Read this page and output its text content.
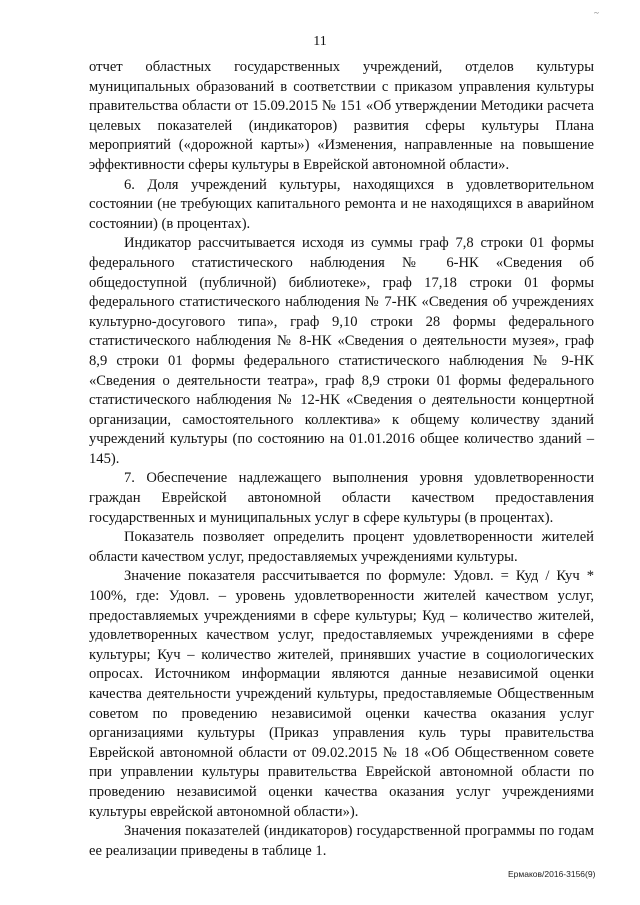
~
11

отчет областных государственных учреждений, отделов культуры муниципальных образований в соответствии с приказом управления культуры правительства области от 15.09.2015 № 151 «Об утверждении Методики расчета целевых показателей (индикаторов) развития сферы культуры Плана мероприятий («дорожной карты») «Изменения, направленные на повышение эффективности сферы культуры в Еврейской автономной области».

6. Доля учреждений культуры, находящихся в удовлетворительном состоянии (не требующих капитального ремонта и не находящихся в аварийном состоянии) (в процентах).

Индикатор рассчитывается исходя из суммы граф 7,8 строки 01 формы федерального статистического наблюдения № 6-НК «Сведения об общедоступной (публичной) библиотеке», граф 17,18 строки 01 формы федерального статистического наблюдения № 7-НК «Сведения об учреждениях культурно-досугового типа», граф 9,10 строки 28 формы федерального статистического наблюдения № 8-НК «Сведения о деятельности музея», граф 8,9 строки 01 формы федерального статистического наблюдения № 9-НК «Сведения о деятельности театра», граф 8,9 строки 01 формы федерального статистического наблюдения № 12-НК «Сведения о деятельности концертной организации, самостоятельного коллектива» к общему количеству зданий учреждений культуры (по состоянию на 01.01.2016 общее количество зданий – 145).

7. Обеспечение надлежащего выполнения уровня удовлетворенности граждан Еврейской автономной области качеством предоставления государственных и муниципальных услуг в сфере культуры (в процентах).

Показатель позволяет определить процент удовлетворенности жителей области качеством услуг, предоставляемых учреждениями культуры.

Значение показателя рассчитывается по формуле: Удовл. = Куд / Куч * 100%, где: Удовл. – уровень удовлетворенности жителей качеством услуг, предоставляемых учреждениями в сфере культуры; Куд – количество жителей, удовлетворенных качеством услуг, предоставляемых учреждениями в сфере культуры; Куч – количество жителей, принявших участие в социологических опросах. Источником информации являются данные независимой оценки качества деятельности учреждений культуры, предоставляемые Общественным советом по проведению независимой оценки качества оказания услуг организациями культуры (Приказ управления куль туры правительства Еврейской автономной области от 09.02.2015 № 18 «Об Общественном совете при управлении культуры правительства Еврейской автономной области по проведению независимой оценки качества оказания услуг учреждениями культуры еврейской автономной области»).

Значения показателей (индикаторов) государственной программы по годам ее реализации приведены в таблице 1.

Ермаков/2016-3156(9)
